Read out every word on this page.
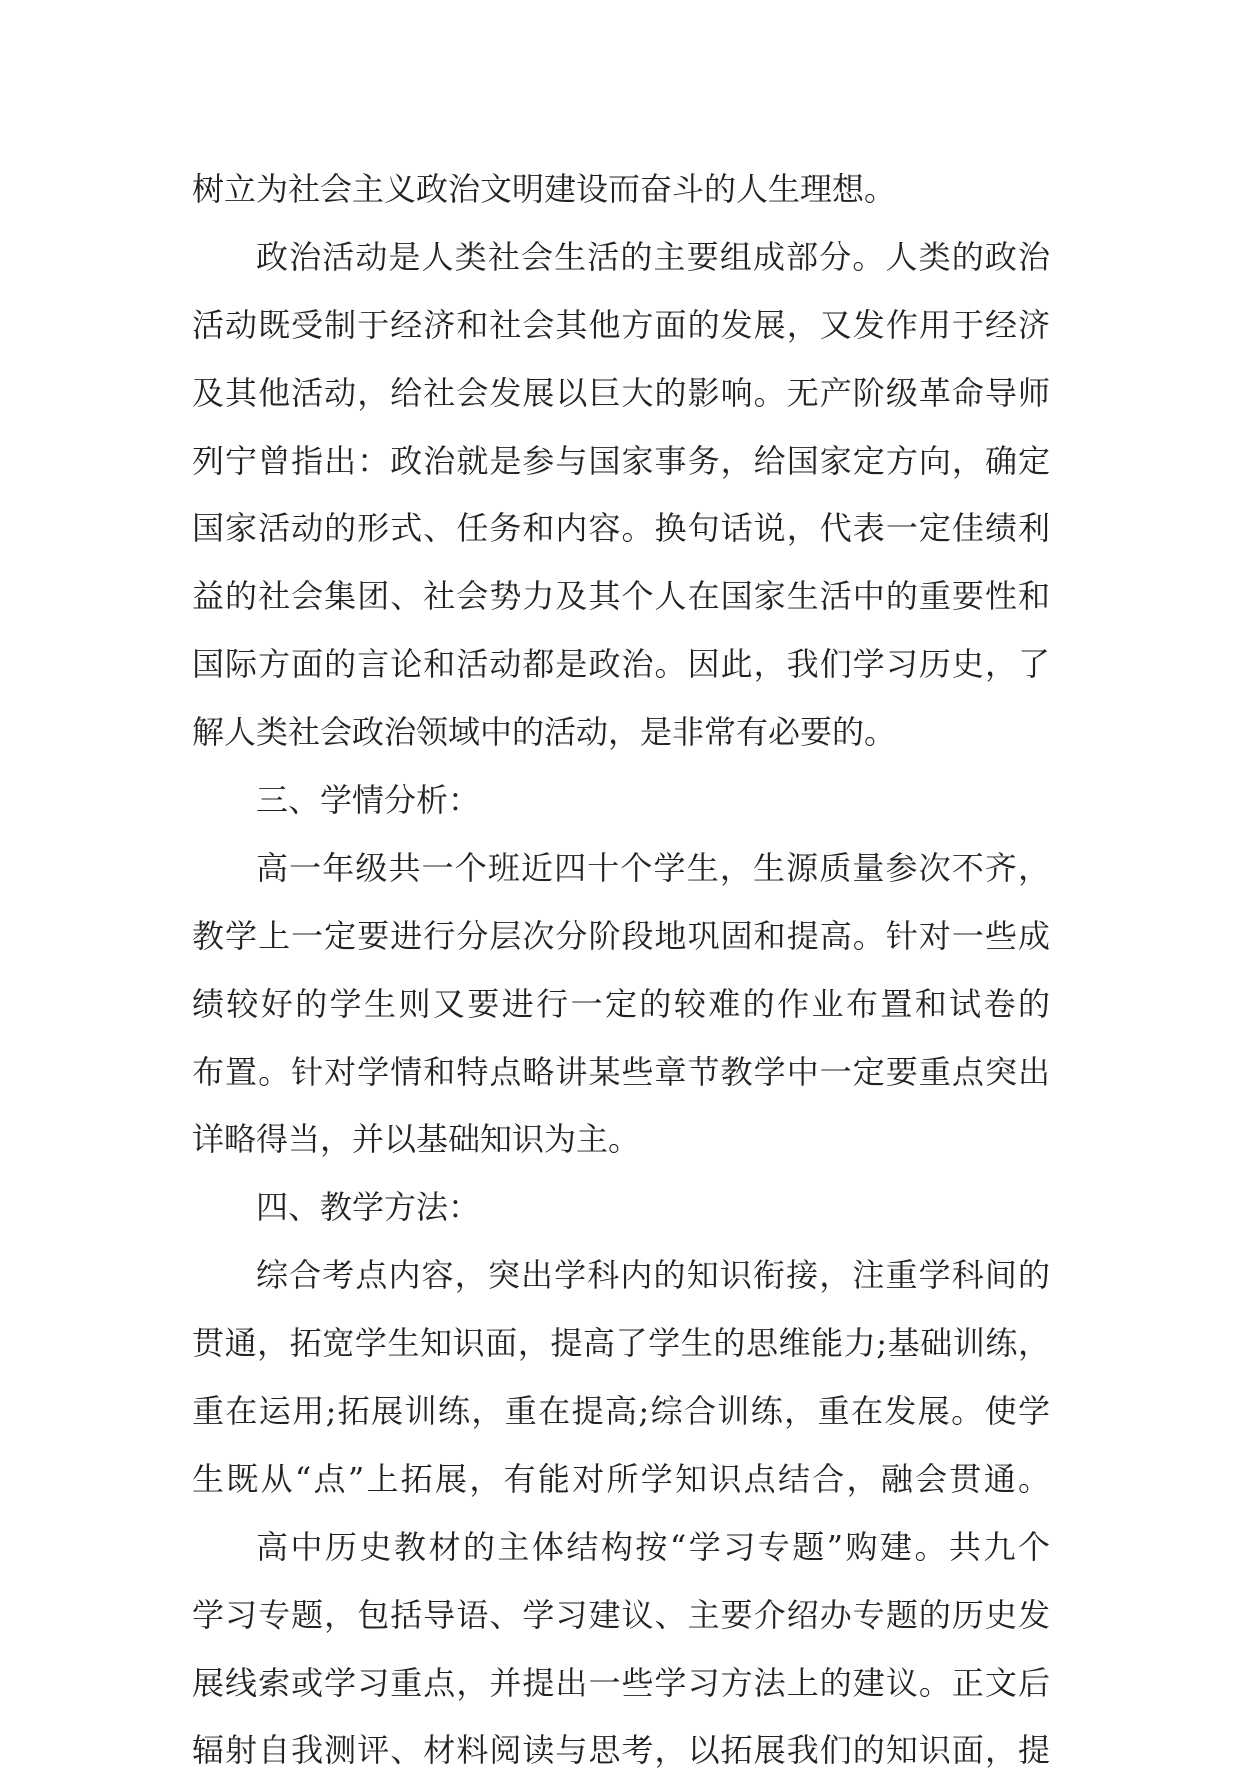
树立为社会主义政治文明建设而奋斗的人生理想。
政治活动是人类社会生活的主要组成部分。人类的政治
活动既受制于经济和社会其他方面的发展，又发作用于经济
及其他活动，给社会发展以巨大的影响。无产阶级革命导师
列宁曾指出：政治就是参与国家事务，给国家定方向，确定
国家活动的形式、任务和内容。换句话说，代表一定佳绩利
益的社会集团、社会势力及其个人在国家生活中的重要性和
国际方面的言论和活动都是政治。因此，我们学习历史，了
解人类社会政治领域中的活动，是非常有必要的。
三、学情分析：
高一年级共一个班近四十个学生，生源质量参次不齐，
教学上一定要进行分层次分阶段地巩固和提高。针对一些成
绩较好的学生则又要进行一定的较难的作业布置和试卷的
布置。针对学情和特点略讲某些章节教学中一定要重点突出
详略得当，并以基础知识为主。
四、教学方法：
综合考点内容，突出学科内的知识衔接，注重学科间的
贯通，拓宽学生知识面，提高了学生的思维能力;基础训练，
重在运用;拓展训练，重在提高;综合训练，重在发展。使学
生既从“点”上拓展，有能对所学知识点结合，融会贯通。
高中历史教材的主体结构按“学习专题”购建。共九个
学习专题，包括导语、学习建议、主要介绍办专题的历史发
展线索或学习重点，并提出一些学习方法上的建议。正文后
辐射自我测评、材料阅读与思考，以拓展我们的知识面，提
